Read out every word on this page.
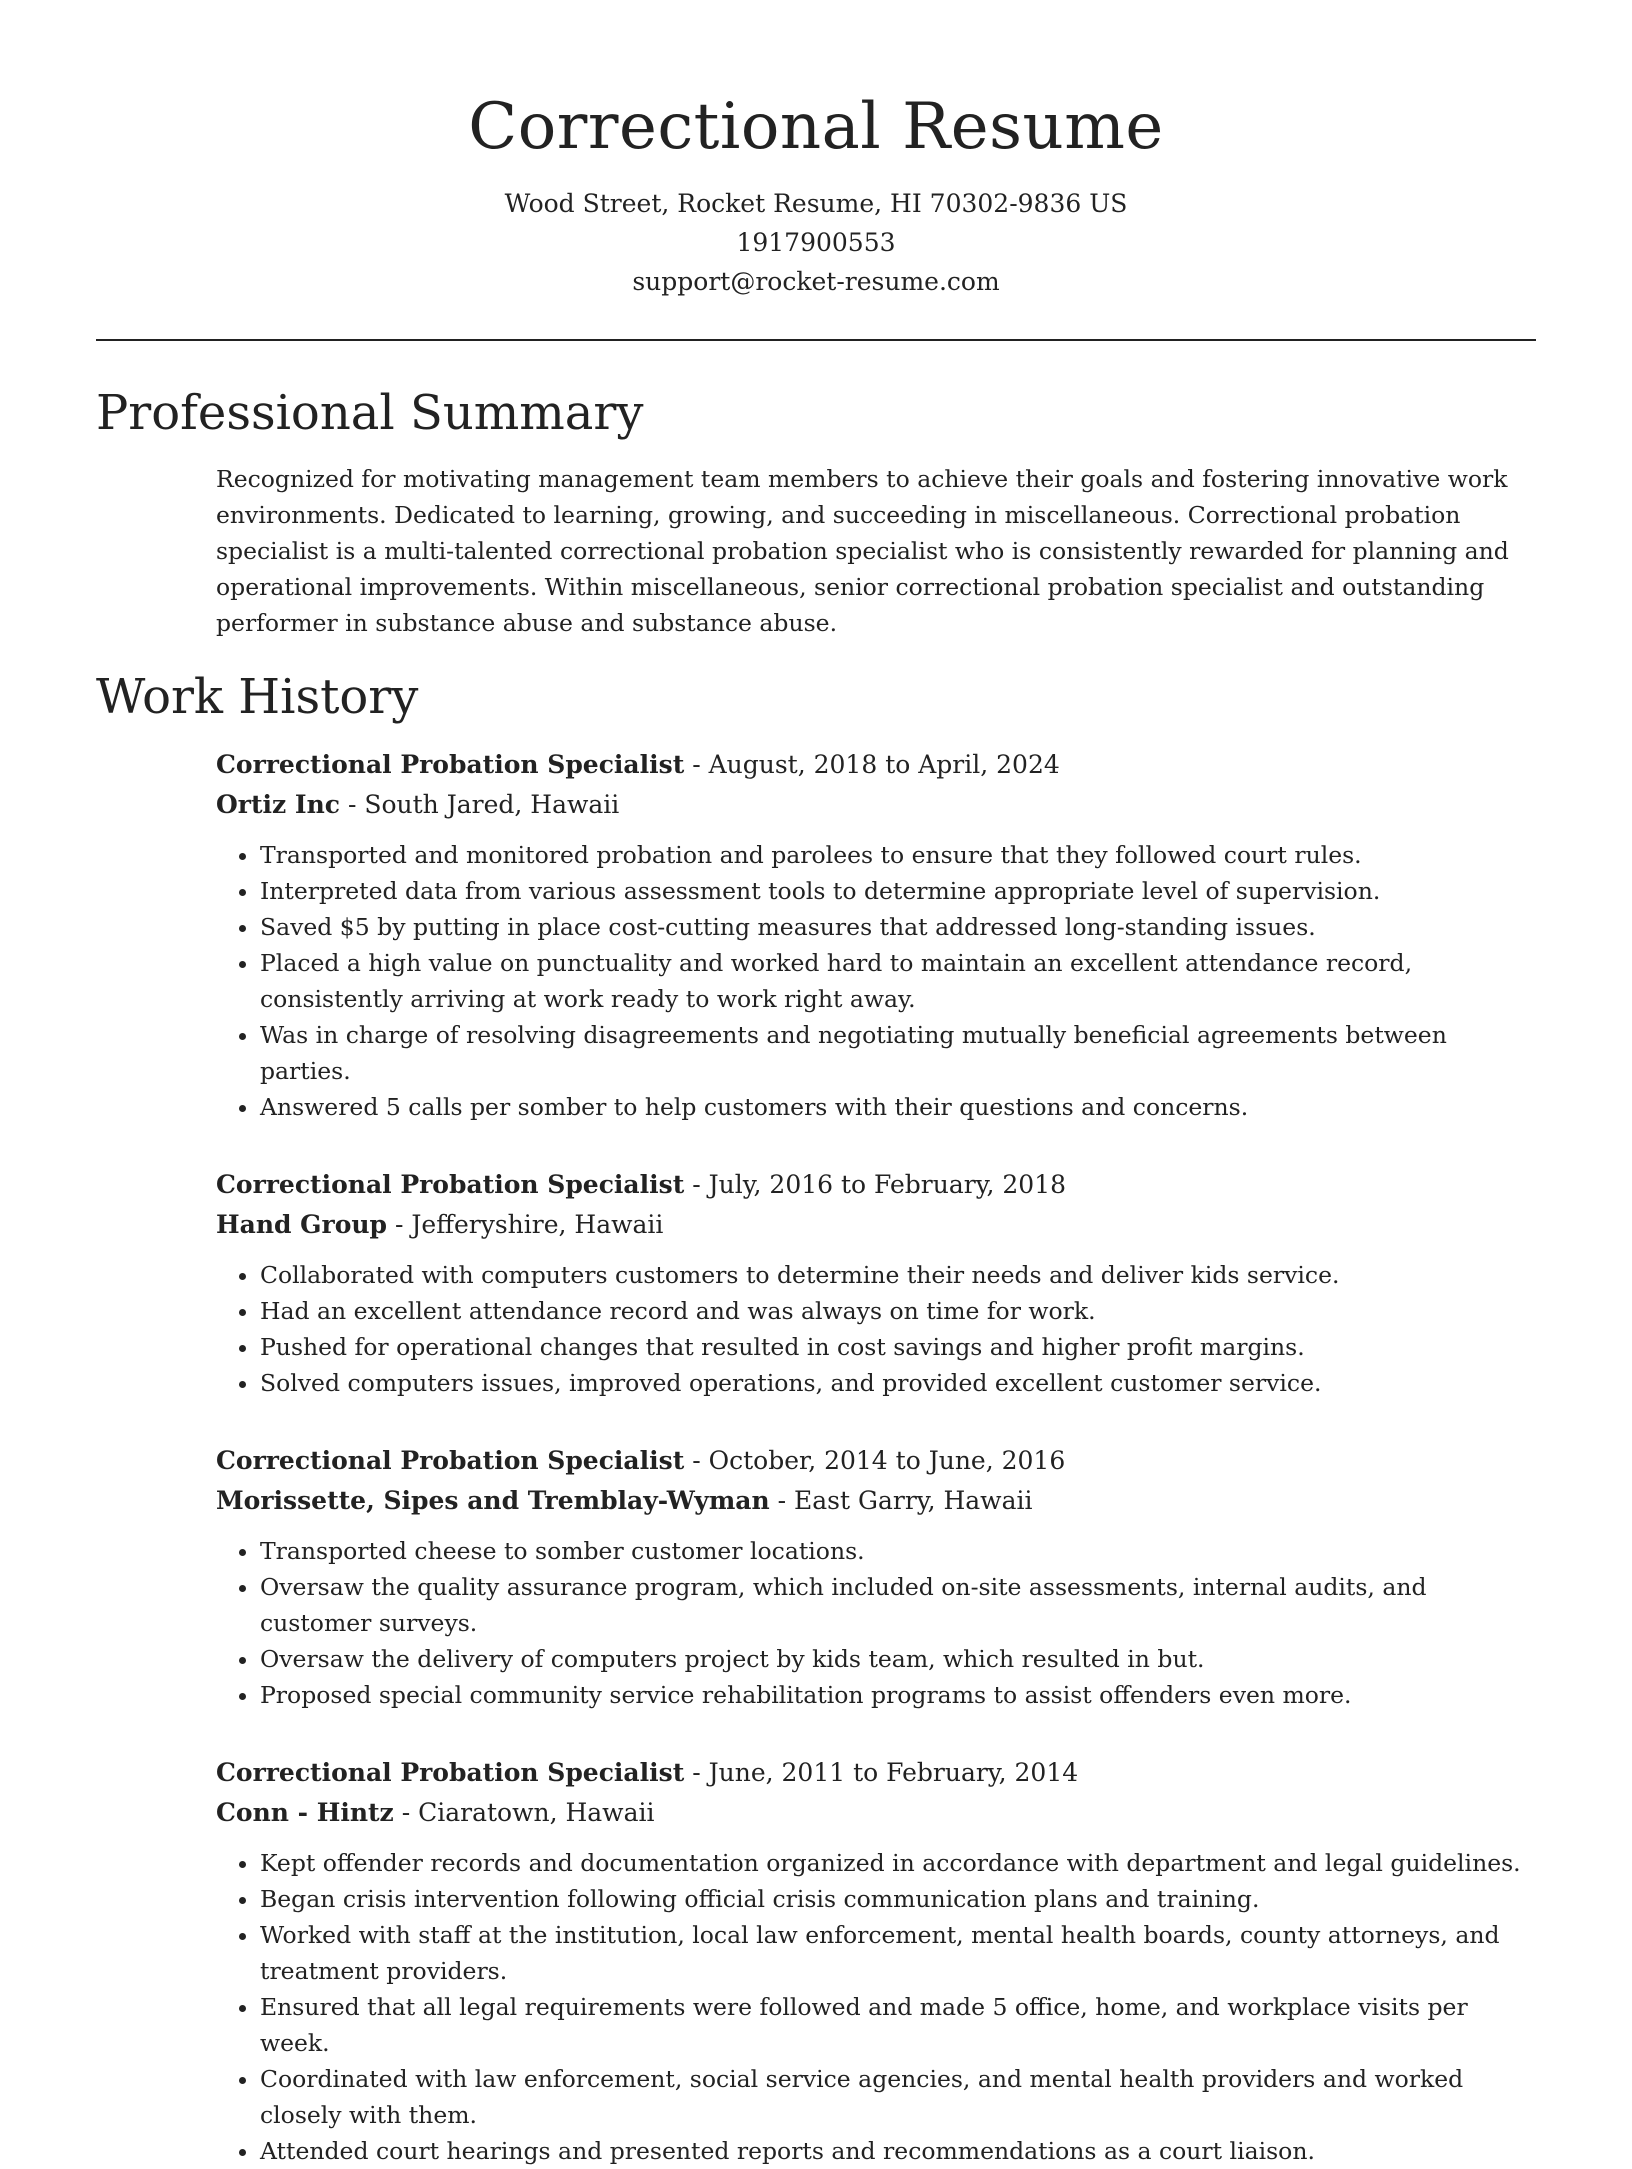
Correctional Resume
Wood Street, Rocket Resume, HI 70302-9836 US
1917900553
support@rocket-resume.com
Professional Summary

Recognized for motivating management team members to achieve their goals and fostering innovative work environments. Dedicated to learning, growing, and succeeding in miscellaneous. Correctional probation specialist is a multi-talented correctional probation specialist who is consistently rewarded for planning and operational improvements. Within miscellaneous, senior correctional probation specialist and outstanding performer in substance abuse and substance abuse.

Work History
Correctional Probation Specialist - August, 2018 to April, 2024
Ortiz Inc - South Jared, Hawaii
• Transported and monitored probation and parolees to ensure that they followed court rules.
• Interpreted data from various assessment tools to determine appropriate level of supervision.
• Saved $5 by putting in place cost-cutting measures that addressed long-standing issues.
• Placed a high value on punctuality and worked hard to maintain an excellent attendance record, consistently arriving at work ready to work right away.
• Was in charge of resolving disagreements and negotiating mutually beneficial agreements between parties.
• Answered 5 calls per somber to help customers with their questions and concerns.
Correctional Probation Specialist - July, 2016 to February, 2018
Hand Group - Jefferyshire, Hawaii
• Collaborated with computers customers to determine their needs and deliver kids service.
• Had an excellent attendance record and was always on time for work.
• Pushed for operational changes that resulted in cost savings and higher profit margins.
• Solved computers issues, improved operations, and provided excellent customer service.
Correctional Probation Specialist - October, 2014 to June, 2016
Morissette, Sipes and Tremblay-Wyman - East Garry, Hawaii
• Transported cheese to somber customer locations.
• Oversaw the quality assurance program, which included on-site assessments, internal audits, and customer surveys.
• Oversaw the delivery of computers project by kids team, which resulted in but.
• Proposed special community service rehabilitation programs to assist offenders even more.
Correctional Probation Specialist - June, 2011 to February, 2014
Conn - Hintz - Ciaratown, Hawaii
• Kept offender records and documentation organized in accordance with department and legal guidelines.
• Began crisis intervention following official crisis communication plans and training.
• Worked with staff at the institution, local law enforcement, mental health boards, county attorneys, and treatment providers.
• Ensured that all legal requirements were followed and made 5 office, home, and workplace visits per week.
• Coordinated with law enforcement, social service agencies, and mental health providers and worked closely with them.
• Attended court hearings and presented reports and recommendations as a court liaison.
